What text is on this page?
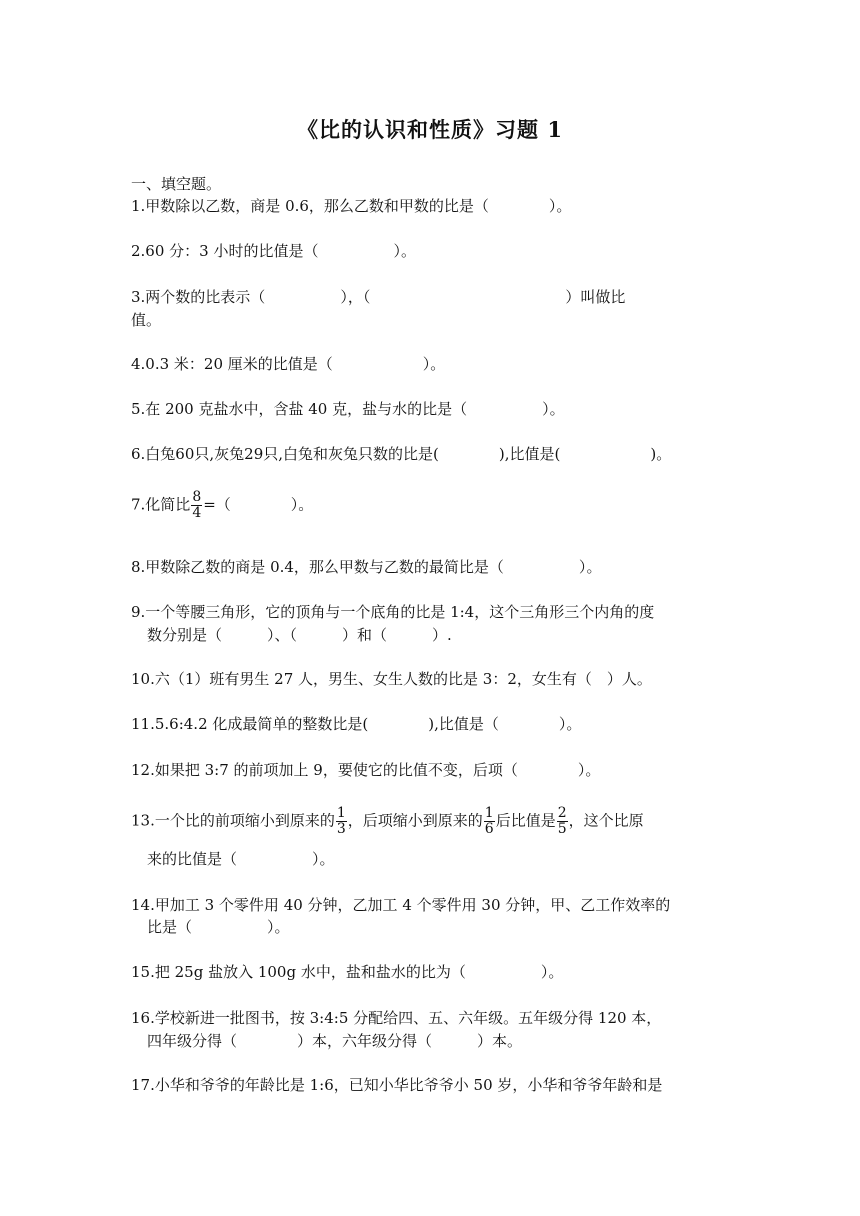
《比的认识和性质》习题 1
一、填空题。
1.甲数除以乙数，商是 0.6，那么乙数和甲数的比是（　　　　）。
2.60 分：3 小时的比值是（　　　　　）。
3.两个数的比表示（　　　　　），（　　　　　　　　　　　　　）叫做比
值。
4.0.3 米：20 厘米的比值是（　　　　　　）。
5.在 200 克盐水中，含盐 40 克，盐与水的比是（　　　　　）。
6.白兔60只,灰兔29只,白兔和灰兔只数的比是(　　　　),比值是(　　　　　　)。
7.化简比 $\frac{8}{4}$ =（　　　　）。
8.甲数除乙数的商是 0.4，那么甲数与乙数的最简比是（　　　　　）。
9.一个等腰三角形，它的顶角与一个底角的比是 1:4，这个三角形三个内角的度
数分别是（　　　）、（　　　）和（　　　）.
10.六（1）班有男生 27 人，男生、女生人数的比是 3：2，女生有（　）人。
11.5.6:4.2 化成最简单的整数比是(　　　　),比值是（　　　　）。
12.如果把 3:7 的前项加上 9，要使它的比值不变，后项（　　　　）。
13.一个比的前项缩小到原来的 $\frac{1}{3}$ ，后项缩小到原来的 $\frac{1}{6}$ 后比值是 $\frac{2}{5}$ ，这个比原
来的比值是（　　　　　）。
14.甲加工 3 个零件用 40 分钟，乙加工 4 个零件用 30 分钟，甲、乙工作效率的
比是（　　　　　）。
15.把 25g 盐放入 100g 水中，盐和盐水的比为（　　　　　）。
16.学校新进一批图书，按 3:4:5 分配给四、五、六年级。五年级分得 120 本，
四年级分得（　　　　）本，六年级分得（　　　）本。
17.小华和爷爷的年龄比是 1:6，已知小华比爷爷小 50 岁，小华和爷爷年龄和是
